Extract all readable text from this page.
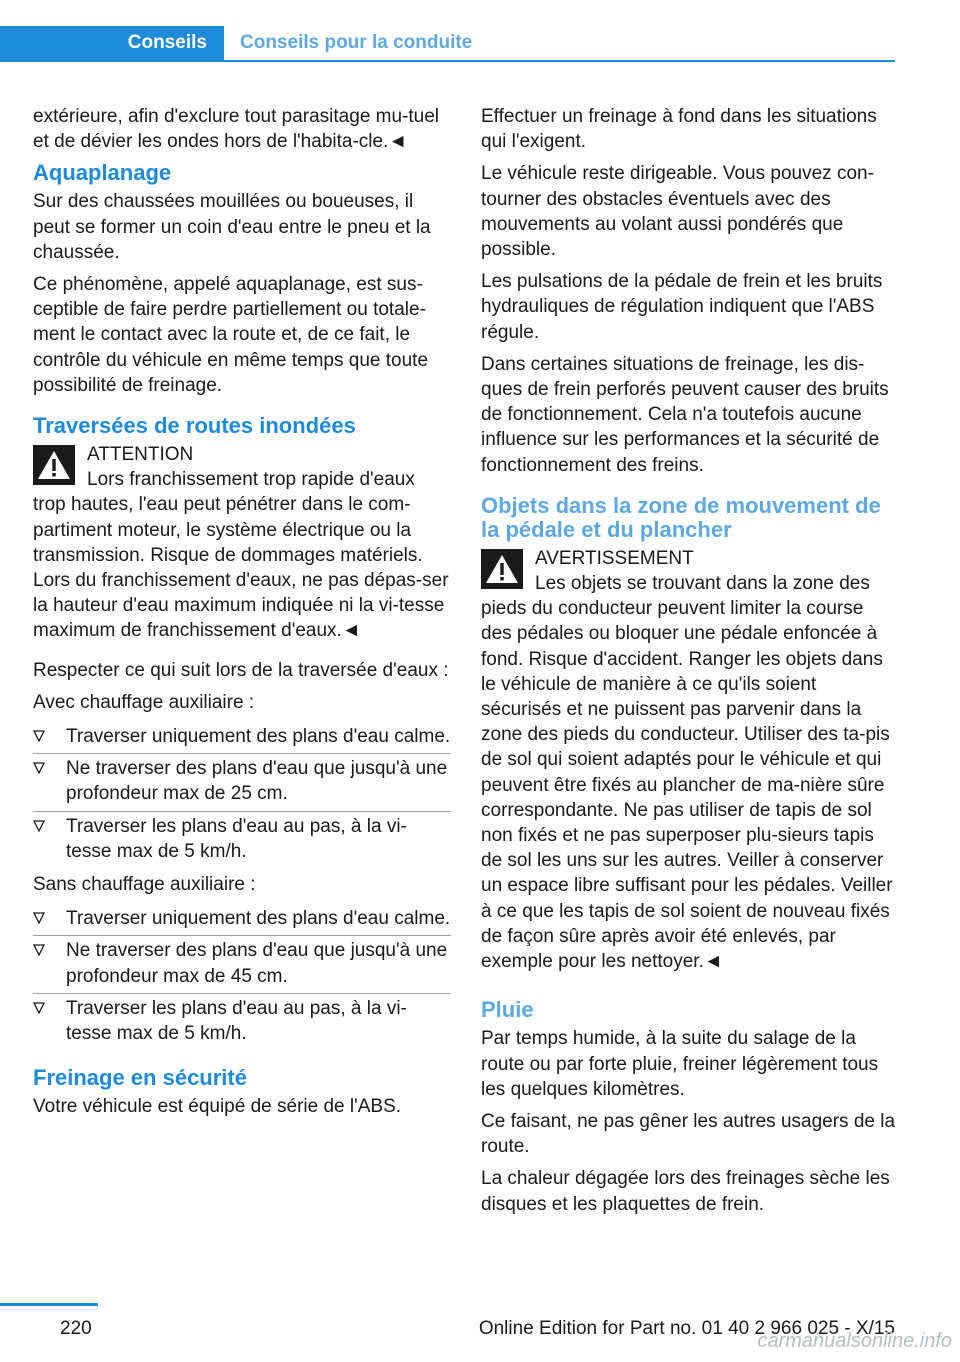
Conseils	Conseils pour la conduite

extérieure, afin d'exclure tout parasitage mu-tuel et de dévier les ondes hors de l'habita-cle.◄

Aquaplanage

Sur des chaussées mouillées ou boueuses, il peut se former un coin d'eau entre le pneu et la chaussée.

Ce phénomène, appelé aquaplanage, est sus-ceptible de faire perdre partiellement ou totale-ment le contact avec la route et, de ce fait, le contrôle du véhicule en même temps que toute possibilité de freinage.

Traversées de routes inondées
ATTENTION
Lors franchissement trop rapide d'eaux trop hautes, l'eau peut pénétrer dans le com-partiment moteur, le système électrique ou la transmission. Risque de dommages matériels. Lors du franchissement d'eaux, ne pas dépas-ser la hauteur d'eau maximum indiquée ni la vi-tesse maximum de franchissement d'eaux.◄

Respecter ce qui suit lors de la traversée d'eaux :

Avec chauffage auxiliaire :

Traverser uniquement des plans d'eau calme.
Ne traverser des plans d'eau que jusqu'à une profondeur max de 25 cm.
Traverser les plans d'eau au pas, à la vi-tesse max de 5 km/h.

Sans chauffage auxiliaire :

Traverser uniquement des plans d'eau calme.
Ne traverser des plans d'eau que jusqu'à une profondeur max de 45 cm.
Traverser les plans d'eau au pas, à la vi-tesse max de 5 km/h.
Freinage en sécurité

Votre véhicule est équipé de série de l'ABS.

Effectuer un freinage à fond dans les situations qui l'exigent.

Le véhicule reste dirigeable. Vous pouvez con-tourner des obstacles éventuels avec des mouvements au volant aussi pondérés que possible.

Les pulsations de la pédale de frein et les bruits hydrauliques de régulation indiquent que l'ABS régule.

Dans certaines situations de freinage, les dis-ques de frein perforés peuvent causer des bruits de fonctionnement. Cela n'a toutefois aucune influence sur les performances et la sécurité de fonctionnement des freins.

Objets dans la zone de mouvement de la pédale et du plancher
AVERTISSEMENT
Les objets se trouvant dans la zone des pieds du conducteur peuvent limiter la course des pédales ou bloquer une pédale enfoncée à fond. Risque d'accident. Ranger les objets dans le véhicule de manière à ce qu'ils soient sécurisés et ne puissent pas parvenir dans la zone des pieds du conducteur. Utiliser des ta-pis de sol qui soient adaptés pour le véhicule et qui peuvent être fixés au plancher de ma-nière sûre correspondante. Ne pas utiliser de tapis de sol non fixés et ne pas superposer plu-sieurs tapis de sol les uns sur les autres. Veiller à conserver un espace libre suffisant pour les pédales. Veiller à ce que les tapis de sol soient de nouveau fixés de façon sûre après avoir été enlevés, par exemple pour les nettoyer.◄
Pluie

Par temps humide, à la suite du salage de la route ou par forte pluie, freiner légèrement tous les quelques kilomètres.

Ce faisant, ne pas gêner les autres usagers de la route.

La chaleur dégagée lors des freinages sèche les disques et les plaquettes de frein.

220	Online Edition for Part no. 01 40 2 966 025 - X/15
carmanualsonline.info
